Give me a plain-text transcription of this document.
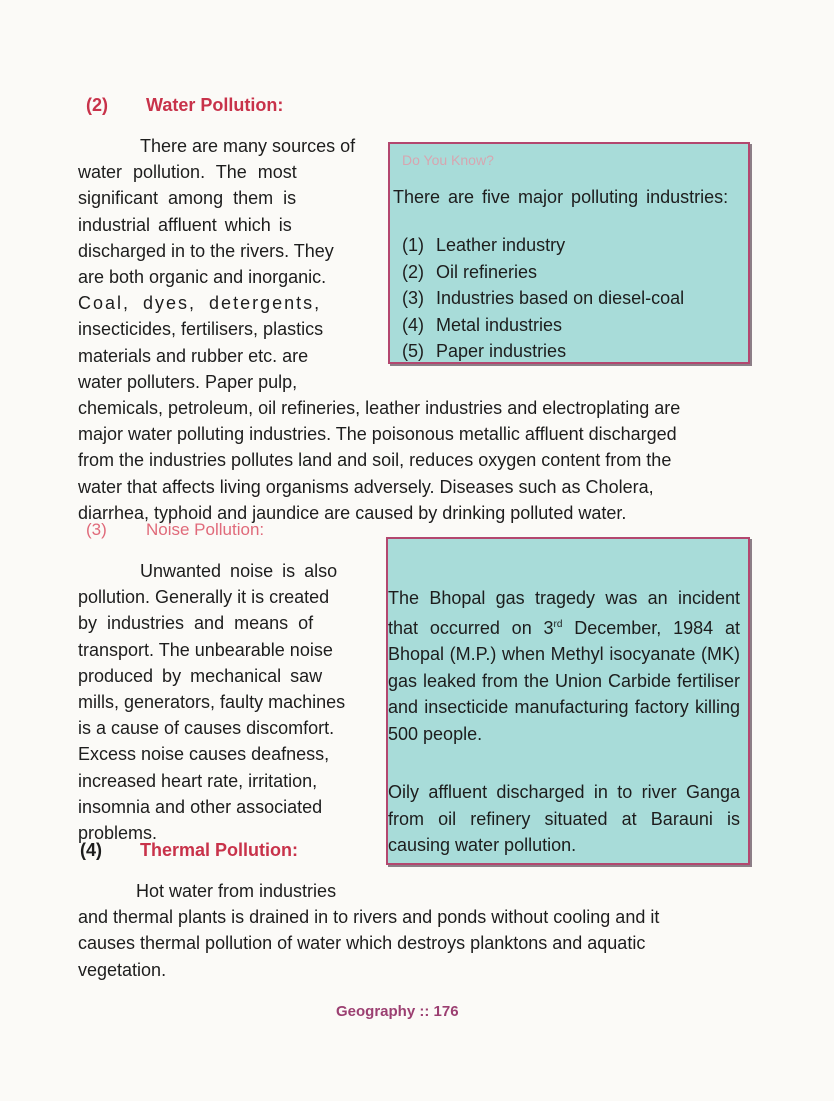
(2) Water Pollution:
There are many sources of
water pollution. The most
significant among them is
industrial affluent which is
discharged in to the rivers. They
are both organic and inorganic.
Coal, dyes, detergents,
insecticides, fertilisers, plastics
materials and rubber etc. are
water polluters. Paper pulp,
chemicals, petroleum, oil refineries, leather industries and electroplating are
major water polluting industries. The poisonous metallic affluent discharged
from the industries pollutes land and soil, reduces oxygen content from the
water that affects living organisms adversely. Diseases such as Cholera,
diarrhea, typhoid and jaundice are caused by drinking polluted water.
Do You Know?
There are five major polluting industries:
(1) Leather industry
(2) Oil refineries
(3) Industries based on diesel-coal
(4) Metal industries
(5) Paper industries
(3) Noise Pollution:
Unwanted noise is also
pollution. Generally it is created
by industries and means of
transport. The unbearable noise
produced by mechanical saw
mills, generators, faulty machines
is a cause of causes discomfort.
Excess noise causes deafness,
increased heart rate, irritation,
insomnia and other associated
problems.
The Bhopal gas tragedy was an incident that occurred on 3rd December, 1984 at Bhopal (M.P.) when Methyl isocyanate (MK) gas leaked from the Union Carbide fertiliser and insecticide manufacturing factory killing 500 people.
Oily affluent discharged in to river Ganga from oil refinery situated at Barauni is causing water pollution.
(4) Thermal Pollution:
Hot water from industries
and thermal plants is drained in to rivers and ponds without cooling and it
causes thermal pollution of water which destroys planktons and aquatic
vegetation.
Geography :: 176
